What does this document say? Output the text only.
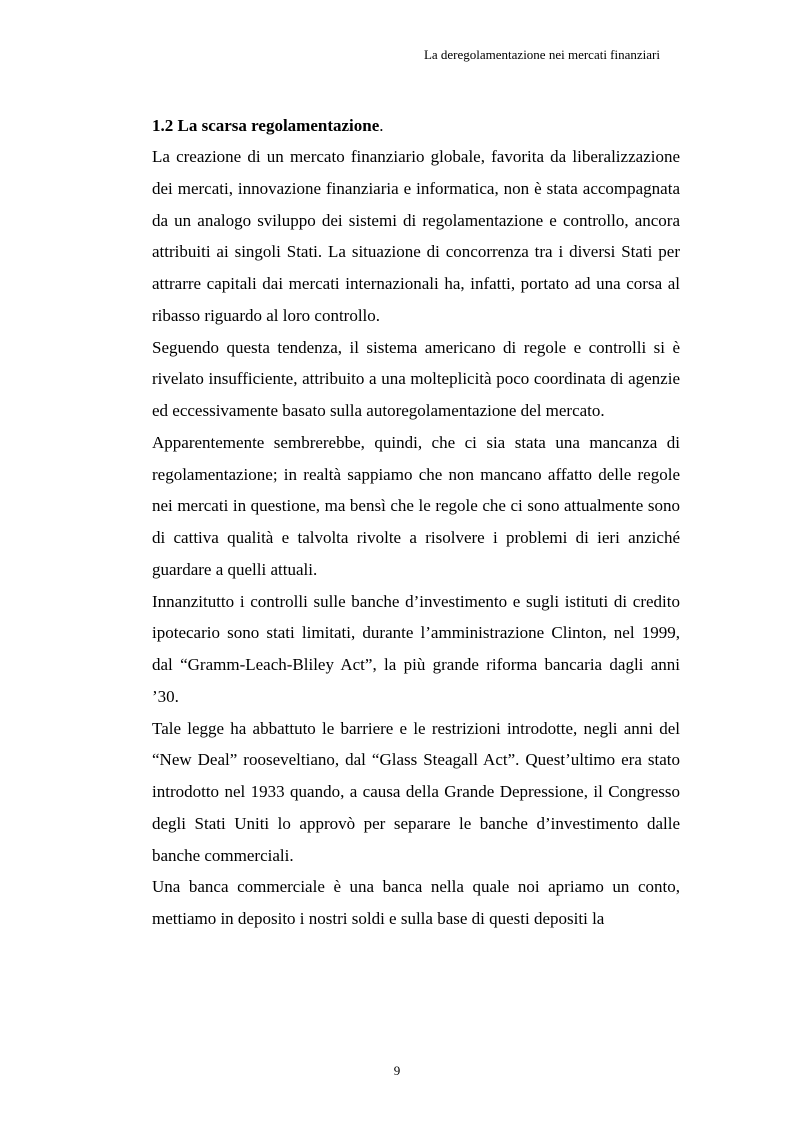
La deregolamentazione nei mercati finanziari
1.2 La scarsa regolamentazione.

La creazione di un mercato finanziario globale, favorita da liberalizzazione dei mercati, innovazione finanziaria e informatica, non è stata accompagnata da un analogo sviluppo dei sistemi di regolamentazione e controllo, ancora attribuiti ai singoli Stati. La situazione di concorrenza tra i diversi Stati per attrarre capitali dai mercati internazionali ha, infatti, portato ad una corsa al ribasso riguardo al loro controllo.

Seguendo questa tendenza, il sistema americano di regole e controlli si è rivelato insufficiente, attribuito a una molteplicità poco coordinata di agenzie ed eccessivamente basato sulla autoregolamentazione del mercato.

Apparentemente sembrerebbe, quindi, che ci sia stata una mancanza di regolamentazione; in realtà sappiamo che non mancano affatto delle regole nei mercati in questione, ma bensì che le regole che ci sono attualmente sono di cattiva qualità e talvolta rivolte a risolvere i problemi di ieri anziché guardare a quelli attuali.

Innanzitutto i controlli sulle banche d’investimento e sugli istituti di credito ipotecario sono stati limitati, durante l’amministrazione Clinton, nel 1999, dal “Gramm-Leach-Bliley Act”, la più grande riforma bancaria dagli anni ’30.

Tale legge ha abbattuto le barriere e le restrizioni introdotte, negli anni del “New Deal” rooseveltiano, dal “Glass Steagall Act”. Quest’ultimo era stato introdotto nel 1933 quando, a causa della Grande Depressione, il Congresso degli Stati Uniti lo approvò per separare le banche d’investimento dalle banche commerciali.

Una banca commerciale è una banca nella quale noi apriamo un conto, mettiamo in deposito i nostri soldi e sulla base di questi depositi la

9
